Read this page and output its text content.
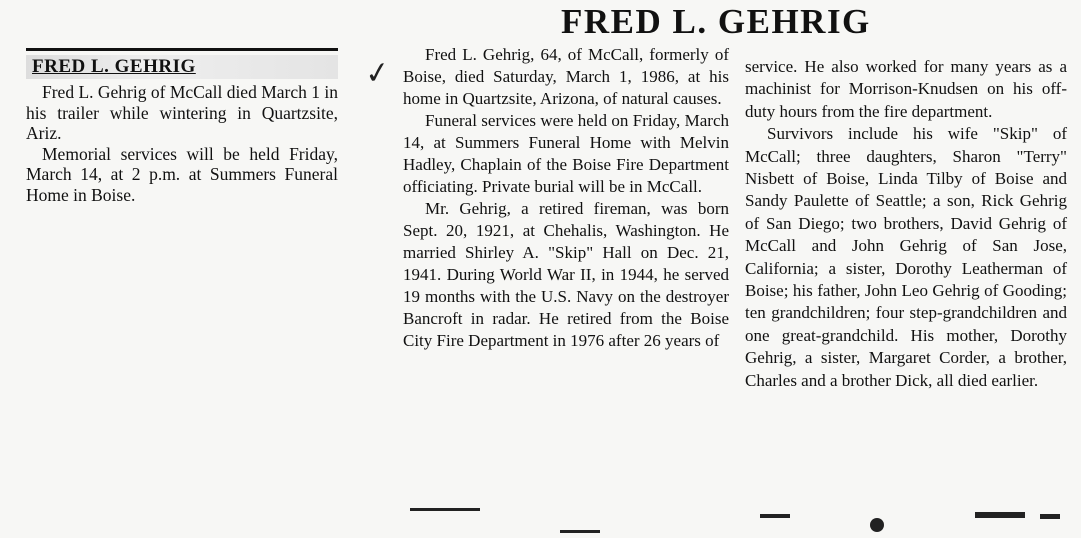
FRED L. GEHRIG

Fred L. Gehrig of McCall died March 1 in his trailer while wintering in Quartzsite, Ariz.

Memorial services will be held Friday, March 14, at 2 p.m. at Summers Funeral Home in Boise.

✓
FRED L. GEHRIG

Fred L. Gehrig, 64, of McCall, formerly of Boise, died Saturday, March 1, 1986, at his home in Quartzsite, Arizona, of natural causes.

Funeral services were held on Friday, March 14, at Summers Funeral Home with Melvin Hadley, Chaplain of the Boise Fire Department officiating. Private burial will be in McCall.

Mr. Gehrig, a retired fireman, was born Sept. 20, 1921, at Chehalis, Washington. He married Shirley A. "Skip" Hall on Dec. 21, 1941. During World War II, in 1944, he served 19 months with the U.S. Navy on the destroyer Bancroft in radar. He retired from the Boise City Fire Department in 1976 after 26 years of

service. He also worked for many years as a machinist for Morrison-Knudsen on his off-duty hours from the fire department.

Survivors include his wife "Skip" of McCall; three daughters, Sharon "Terry" Nisbett of Boise, Linda Tilby of Boise and Sandy Paulette of Seattle; a son, Rick Gehrig of San Diego; two brothers, David Gehrig of McCall and John Gehrig of San Jose, California; a sister, Dorothy Leatherman of Boise; his father, John Leo Gehrig of Gooding; ten grandchildren; four step-grandchildren and one great-grandchild. His mother, Dorothy Gehrig, a sister, Margaret Corder, a brother, Charles and a brother Dick, all died earlier.
